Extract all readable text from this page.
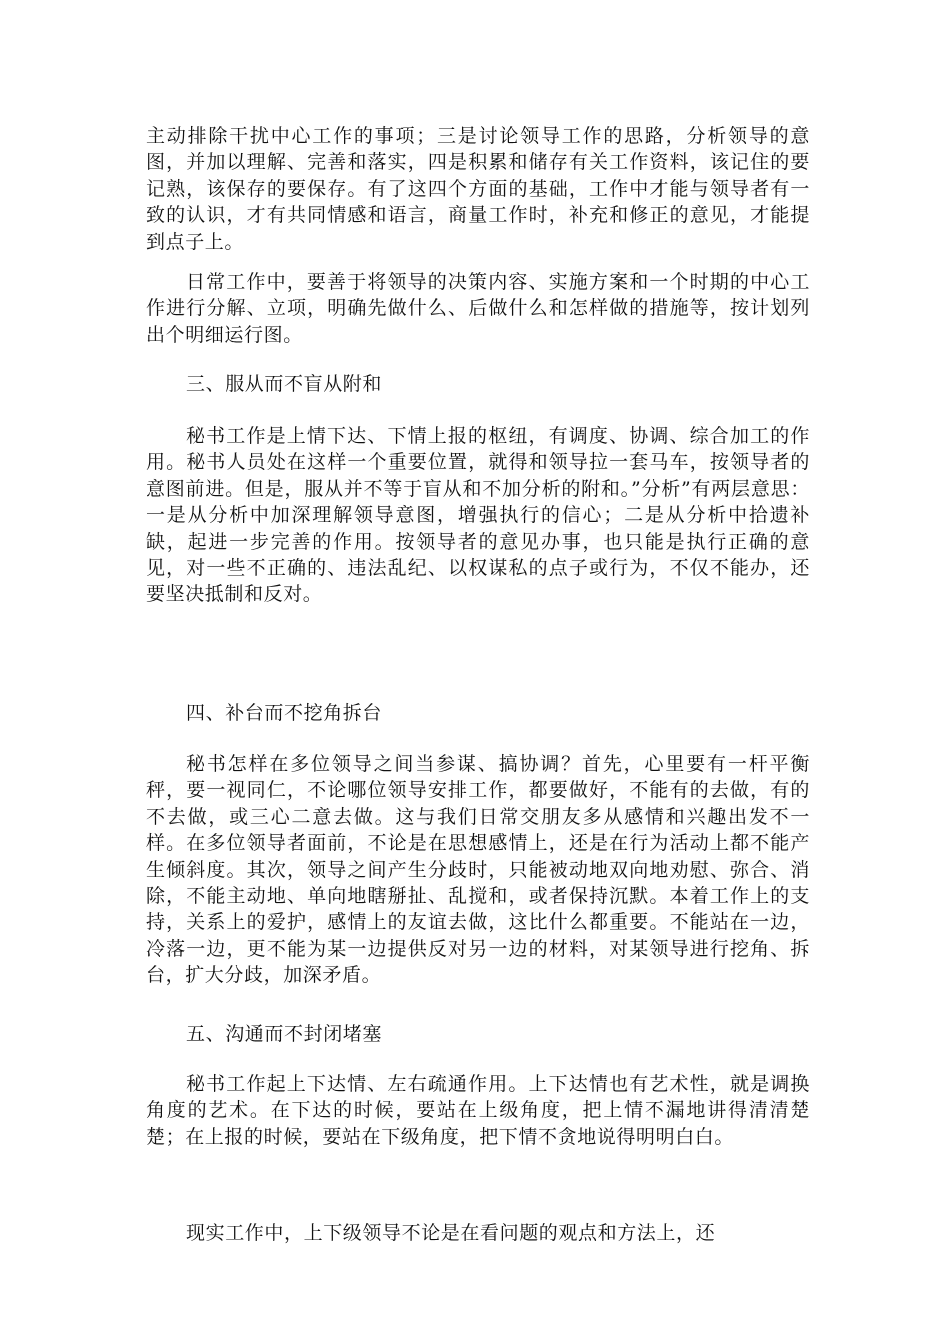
主动排除干扰中心工作的事项；三是讨论领导工作的思路，分析领导的意图，并加以理解、完善和落实，四是积累和储存有关工作资料，该记住的要记熟，该保存的要保存。有了这四个方面的基础，工作中才能与领导者有一致的认识，才有共同情感和语言，商量工作时，补充和修正的意见，才能提到点子上。

日常工作中，要善于将领导的决策内容、实施方案和一个时期的中心工作进行分解、立项，明确先做什么、后做什么和怎样做的措施等，按计划列出个明细运行图。

三、服从而不盲从附和

秘书工作是上情下达、下情上报的枢纽，有调度、协调、综合加工的作用。秘书人员处在这样一个重要位置，就得和领导拉一套马车，按领导者的意图前进。但是，服从并不等于盲从和不加分析的附和。”分析”有两层意思：一是从分析中加深理解领导意图，增强执行的信心；二是从分析中拾遗补缺，起进一步完善的作用。按领导者的意见办事，也只能是执行正确的意见，对一些不正确的、违法乱纪、以权谋私的点子或行为，不仅不能办，还要坚决抵制和反对。

四、补台而不挖角拆台

秘书怎样在多位领导之间当参谋、搞协调？首先，心里要有一杆平衡秤，要一视同仁，不论哪位领导安排工作，都要做好，不能有的去做，有的不去做，或三心二意去做。这与我们日常交朋友多从感情和兴趣出发不一样。在多位领导者面前，不论是在思想感情上，还是在行为活动上都不能产生倾斜度。其次，领导之间产生分歧时，只能被动地双向地劝慰、弥合、消除，不能主动地、单向地瞎掰扯、乱搅和，或者保持沉默。本着工作上的支持，关系上的爱护，感情上的友谊去做，这比什么都重要。不能站在一边，冷落一边，更不能为某一边提供反对另一边的材料，对某领导进行挖角、拆台，扩大分歧，加深矛盾。

五、沟通而不封闭堵塞

秘书工作起上下达情、左右疏通作用。上下达情也有艺术性，就是调换角度的艺术。在下达的时候，要站在上级角度，把上情不漏地讲得清清楚楚；在上报的时候，要站在下级角度，把下情不贪地说得明明白白。

现实工作中，上下级领导不论是在看问题的观点和方法上，还
